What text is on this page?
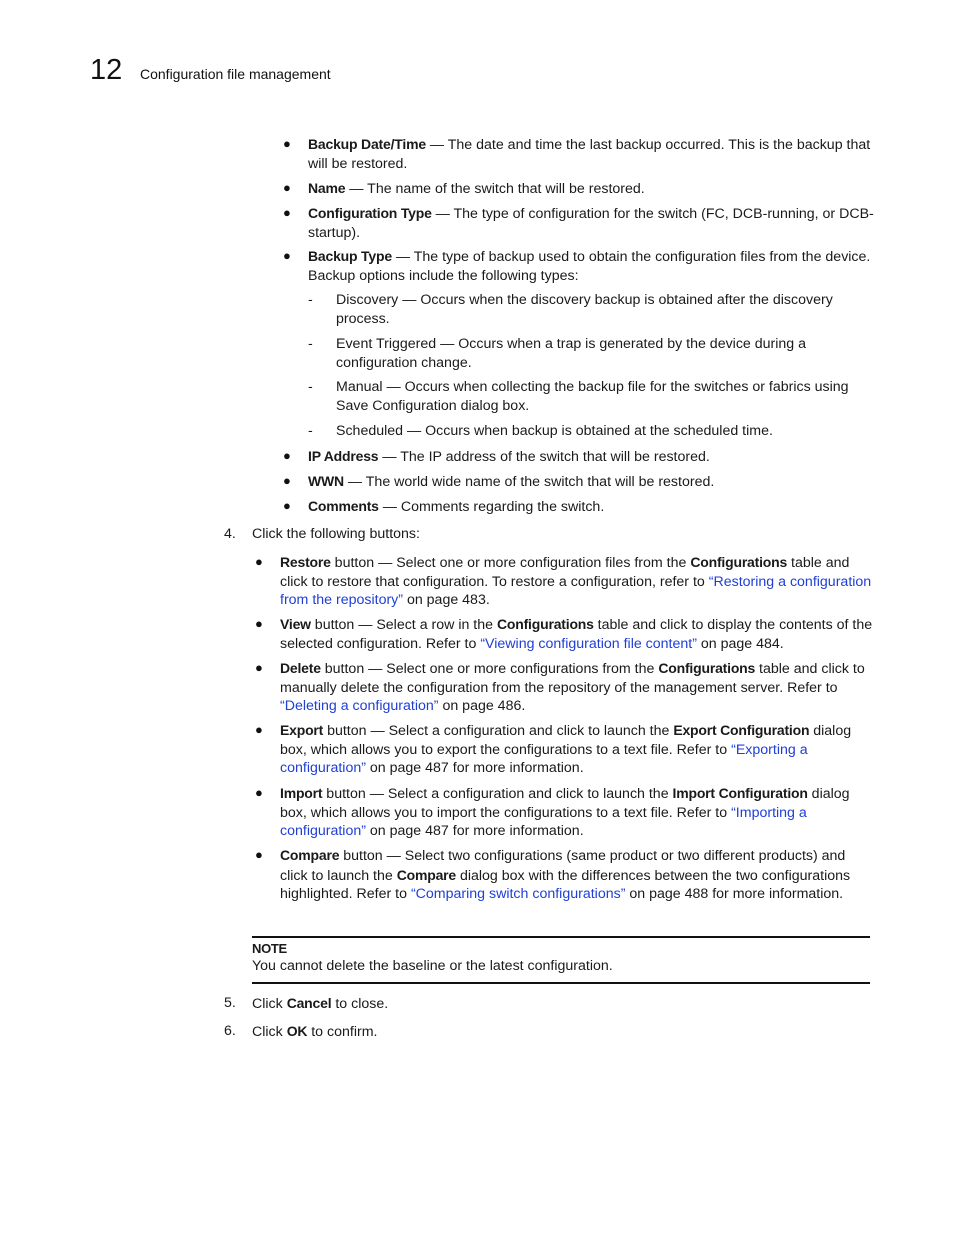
12 Configuration file management
● Backup Date/Time — The date and time the last backup occurred. This is the backup that will be restored.
● Name — The name of the switch that will be restored.
● Configuration Type — The type of configuration for the switch (FC, DCB-running, or DCB-startup).
● Backup Type — The type of backup used to obtain the configuration files from the device. Backup options include the following types:
- Discovery — Occurs when the discovery backup is obtained after the discovery process.
- Event Triggered — Occurs when a trap is generated by the device during a configuration change.
- Manual — Occurs when collecting the backup file for the switches or fabrics using Save Configuration dialog box.
- Scheduled — Occurs when backup is obtained at the scheduled time.
● IP Address — The IP address of the switch that will be restored.
● WWN — The world wide name of the switch that will be restored.
● Comments — Comments regarding the switch.
4. Click the following buttons:
● Restore button — Select one or more configuration files from the Configurations table and click to restore that configuration. To restore a configuration, refer to “Restoring a configuration from the repository” on page 483.
● View button — Select a row in the Configurations table and click to display the contents of the selected configuration. Refer to “Viewing configuration file content” on page 484.
● Delete button — Select one or more configurations from the Configurations table and click to manually delete the configuration from the repository of the management server. Refer to “Deleting a configuration” on page 486.
● Export button — Select a configuration and click to launch the Export Configuration dialog box, which allows you to export the configurations to a text file. Refer to “Exporting a configuration” on page 487 for more information.
● Import button — Select a configuration and click to launch the Import Configuration dialog box, which allows you to import the configurations to a text file. Refer to “Importing a configuration” on page 487 for more information.
● Compare button — Select two configurations (same product or two different products) and click to launch the Compare dialog box with the differences between the two configurations highlighted. Refer to “Comparing switch configurations” on page 488 for more information.
NOTE
You cannot delete the baseline or the latest configuration.
5. Click Cancel to close.
6. Click OK to confirm.
